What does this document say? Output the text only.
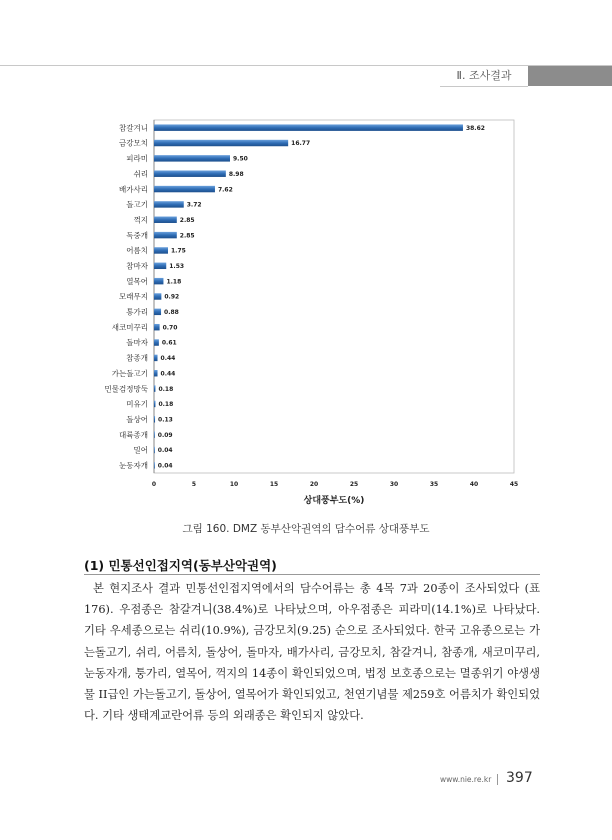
Ⅱ. 조사결과
참갈겨니	38.62
금강모치	16.77
피라미	9.50
쉬리	8.98
배가사리	7.62
돌고기	3.72
꺽지	2.85
독중개	2.85
어름치	1.75
참마자	1.53
열목어	1.18
모래무지	0.92
통가리	0.88
새코미꾸리 0.70
돌마자 0.61
참종개 0.44
가는돌고기 0.44
민물검정망둑 0.18
미유기 0.18
돌상어 0.13
대륙종개 0.09
밀어 0.04
눈동자개 0.04
0	5	10	15	20	25	30	35	40	45
상대풍부도(%)
그림 160. DMZ 동부산악권역의 담수어류 상대풍부도
(1) 민통선인접지역(동부산악권역)

본 현지조사 결과 민통선인접지역에서의 담수어류는 총 4목 7과 20종이 조사되었다 (표 176). 우점종은 참갈겨니(38.4%)로 나타났으며, 아우점종은 피라미(14.1%)로 나타났다. 기타 우세종으로는 쉬리(10.9%), 금강모치(9.25) 순으로 조사되었다. 한국 고유종으로는 가는돌고기, 쉬리, 어름치, 돌상어, 돌마자, 배가사리, 금강모치, 참갈겨니, 참종개, 새코미꾸리, 눈동자개, 퉁가리, 열목어, 꺽지의 14종이 확인되었으며, 법정 보호종으로는 멸종위기 야생생물 II급인 가는돌고기, 돌상어, 열목어가 확인되었고, 천연기념물 제259호 어름치가 확인되었다. 기타 생태계교란어류 등의 외래종은 확인되지 않았다.

www.nie.re.kr 397
